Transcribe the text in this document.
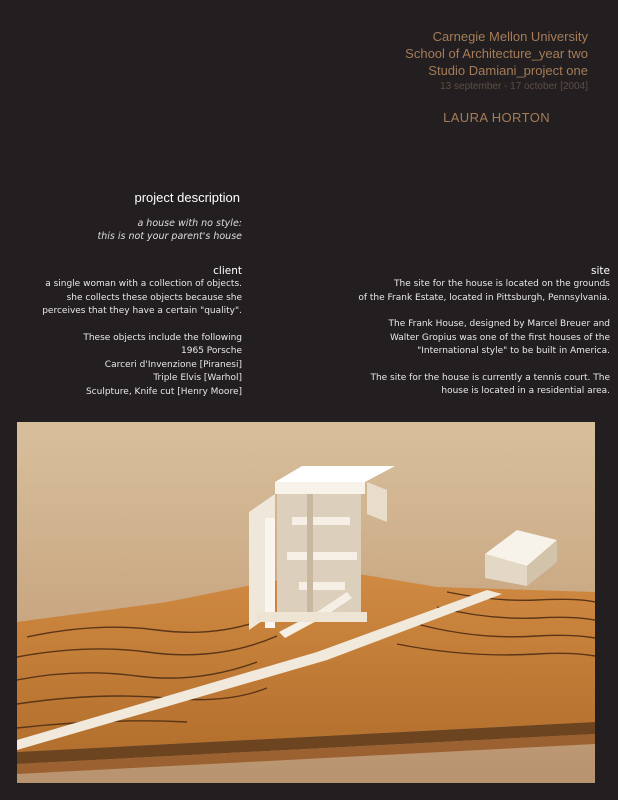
Carnegie Mellon University
School of Architecture_year two
Studio Damiani_project one
13 september - 17 october [2004]
LAURA HORTON
project description
a house with no style:
this is not your parent's house

client

a single woman with a collection of objects.

she collects these objects because she

perceives that they have a certain "quality".

These objects include the following

1965 Porsche

Carceri d'Invenzione [Piranesi]

Triple Elvis [Warhol]

Sculpture, Knife cut [Henry Moore]

site

The site for the house is located on the grounds

of the Frank Estate, located in Pittsburgh, Pennsylvania.

The Frank House, designed by Marcel Breuer and

Walter Gropius was one of the first houses of the

"International style" to be built in America.

The site for the house is currently a tennis court. The

house is located in a residential area.
